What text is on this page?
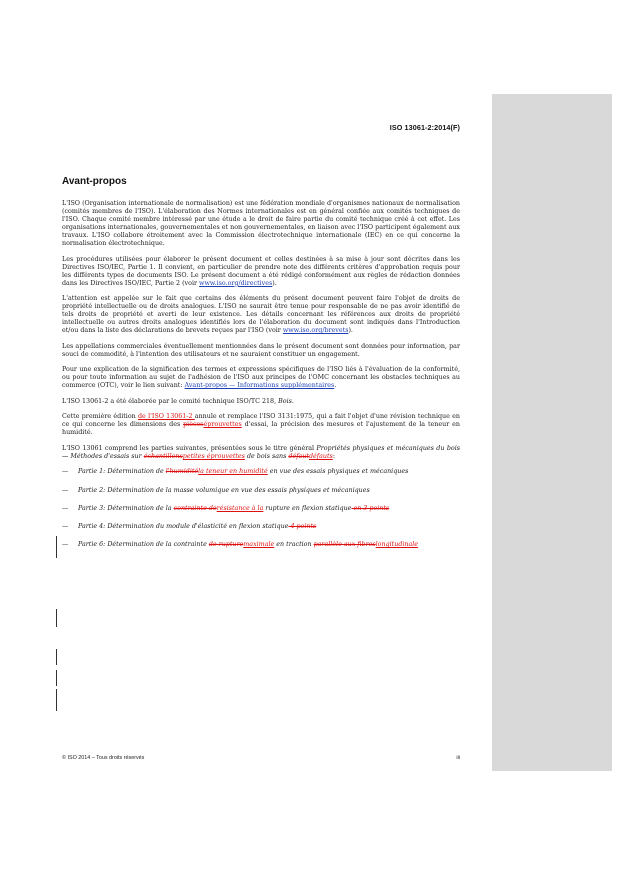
ISO 13061-2:2014(F)
Avant-propos

L'ISO (Organisation internationale de normalisation) est une fédération mondiale d'organismes nationaux de normalisation (comités membres de l'ISO). L'élaboration des Normes internationales est en général confiée aux comités techniques de l'ISO. Chaque comité membre intéressé par une étude a le droit de faire partie du comité technique créé à cet effet. Les organisations internationales, gouvernementales et non gouvernementales, en liaison avec l'ISO participent également aux travaux. L'ISO collabore étroitement avec la Commission électrotechnique internationale (IEC) en ce qui concerne la normalisation électrotechnique.

Les procédures utilisées pour élaborer le présent document et celles destinées à sa mise à jour sont décrites dans les Directives ISO/IEC, Partie 1. Il convient, en particulier de prendre note des différents critères d'approbation requis pour les différents types de documents ISO. Le présent document a été rédigé conformément aux règles de rédaction données dans les Directives ISO/IEC, Partie 2 (voir www.iso.org/directives).

L'attention est appelée sur le fait que certains des éléments du présent document peuvent faire l'objet de droits de propriété intellectuelle ou de droits analogues. L'ISO ne saurait être tenue pour responsable de ne pas avoir identifié de tels droits de propriété et averti de leur existence. Les détails concernant les références aux droits de propriété intellectuelle ou autres droits analogues identifiés lors de l'élaboration du document sont indiqués dans l'Introduction et/ou dans la liste des déclarations de brevets reçues par l'ISO (voir www.iso.org/brevets).

Les appellations commerciales éventuellement mentionnées dans le présent document sont données pour information, par souci de commodité, à l'intention des utilisateurs et ne sauraient constituer un engagement.

Pour une explication de la signification des termes et expressions spécifiques de l'ISO liés à l'évaluation de la conformité, ou pour toute information au sujet de l'adhésion de l'ISO aux principes de l'OMC concernant les obstacles techniques au commerce (OTC), voir le lien suivant: Avant-propos — Informations supplémentaires.

L'ISO 13061-2 a été élaborée par le comité technique ISO/TC 218, Bois.

Cette première édition de l'ISO 13061-2 annule et remplace l'ISO 3131:1975, qui a fait l'objet d'une révision technique en ce qui concerne les dimensions des pièceséprouvettes d'essai, la précision des mesures et l'ajustement de la teneur en humidité.

L'ISO 13061 comprend les parties suivantes, présentées sous le titre général Propriétés physiques et mécaniques du bois — Méthodes d'essais sur échantillonspetites éprouvettes de bois sans défautdéfauts:

— Partie 1: Détermination de l'humiditéla teneur en humidité en vue des essais physiques et mécaniques
— Partie 2: Détermination de la masse volumique en vue des essais physiques et mécaniques
— Partie 3: Détermination de la contrainte derésistance à la rupture en flexion statique en 3 points
— Partie 4: Détermination du module d'élasticité en flexion statique 4 points
— Partie 6: Détermination de la contrainte de rupturemaximale en traction parallèle aux fibreslongitudinale
© ISO 2014 – Tous droits réservés	iii
